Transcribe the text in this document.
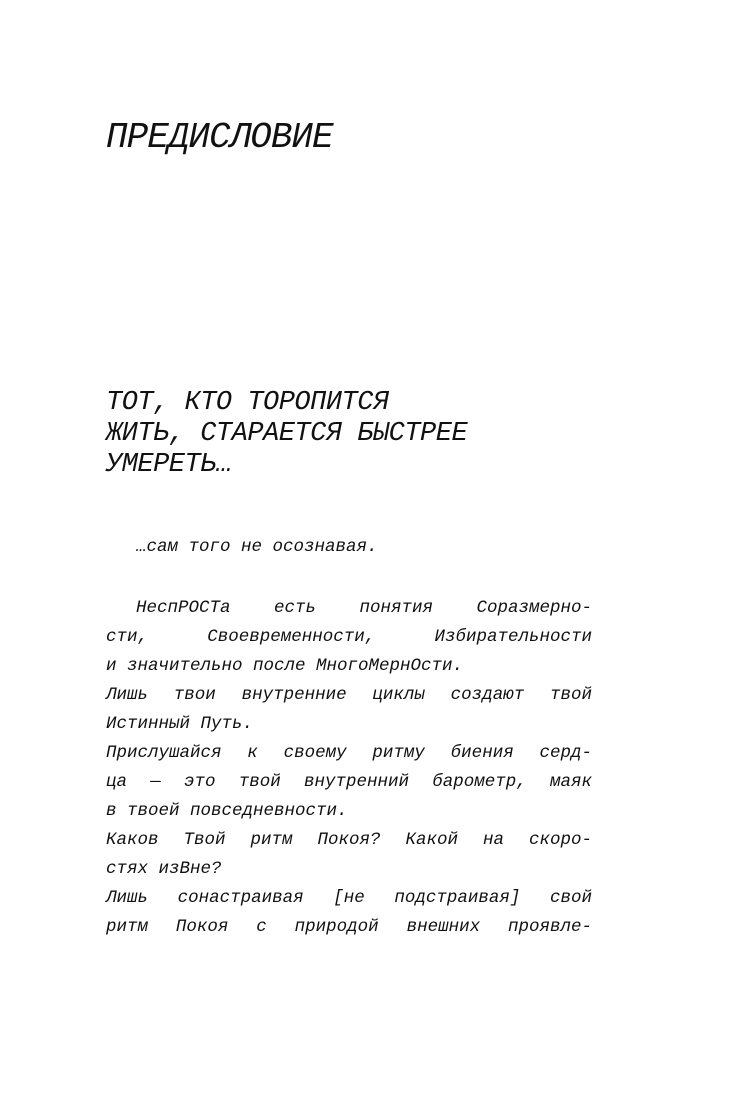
ПРЕДИСЛОВИЕ
ТОТ, КТО ТОРОПИТСЯ
ЖИТЬ, СТАРАЕТСЯ БЫСТРЕЕ
УМЕРЕТЬ…

…сам того не осознавая.

НеспРОСТа есть понятия Соразмерно-
сти, Своевременности, Избирательности
и значительно после МногоМернОсти.
Лишь твои внутренние циклы создают твой
Истинный Путь.
Прислушайся к своему ритму биения серд-
ца — это твой внутренний барометр, маяк
в твоей повседневности.
Каков Твой ритм Покоя? Какой на скоро-
стях изВне?
Лишь сонастраивая [не подстраивая] свой
ритм Покоя с природой внешних проявле-
